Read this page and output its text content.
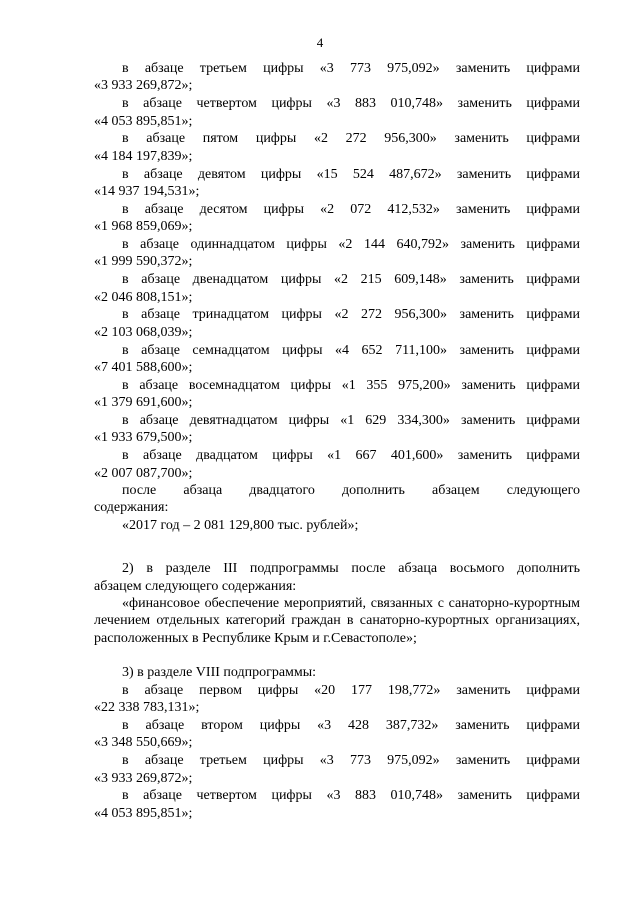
4

в абзаце третьем цифры «3 773 975,092» заменить цифрами

«3 933 269,872»;

в абзаце четвертом цифры «3 883 010,748» заменить цифрами

«4 053 895,851»;

в абзаце пятом цифры «2 272 956,300» заменить цифрами

«4 184 197,839»;

в абзаце девятом цифры «15 524 487,672» заменить цифрами

«14 937 194,531»;

в абзаце десятом цифры «2 072 412,532» заменить цифрами

«1 968 859,069»;

в абзаце одиннадцатом цифры «2 144 640,792» заменить цифрами

«1 999 590,372»;

в абзаце двенадцатом цифры «2 215 609,148» заменить цифрами

«2 046 808,151»;

в абзаце тринадцатом цифры «2 272 956,300» заменить цифрами

«2 103 068,039»;

в абзаце семнадцатом цифры «4 652 711,100» заменить цифрами

«7 401 588,600»;

в абзаце восемнадцатом цифры «1 355 975,200» заменить цифрами

«1 379 691,600»;

в абзаце девятнадцатом цифры «1 629 334,300» заменить цифрами

«1 933 679,500»;

в абзаце двадцатом цифры «1 667 401,600» заменить цифрами

«2 007 087,700»;

после абзаца двадцатого дополнить абзацем следующего

содержания:

«2017 год – 2 081 129,800 тыс. рублей»;

2) в разделе III подпрограммы после абзаца восьмого дополнить

абзацем следующего содержания:

«финансовое обеспечение мероприятий, связанных с санаторно-курортным лечением отдельных категорий граждан в санаторно-курортных организациях, расположенных в Республике Крым и г.Севастополе»;

3) в разделе VIII подпрограммы:

в абзаце первом цифры «20 177 198,772» заменить цифрами

«22 338 783,131»;

в абзаце втором цифры «3 428 387,732» заменить цифрами

«3 348 550,669»;

в абзаце третьем цифры «3 773 975,092» заменить цифрами

«3 933 269,872»;

в абзаце четвертом цифры «3 883 010,748» заменить цифрами

«4 053 895,851»;
